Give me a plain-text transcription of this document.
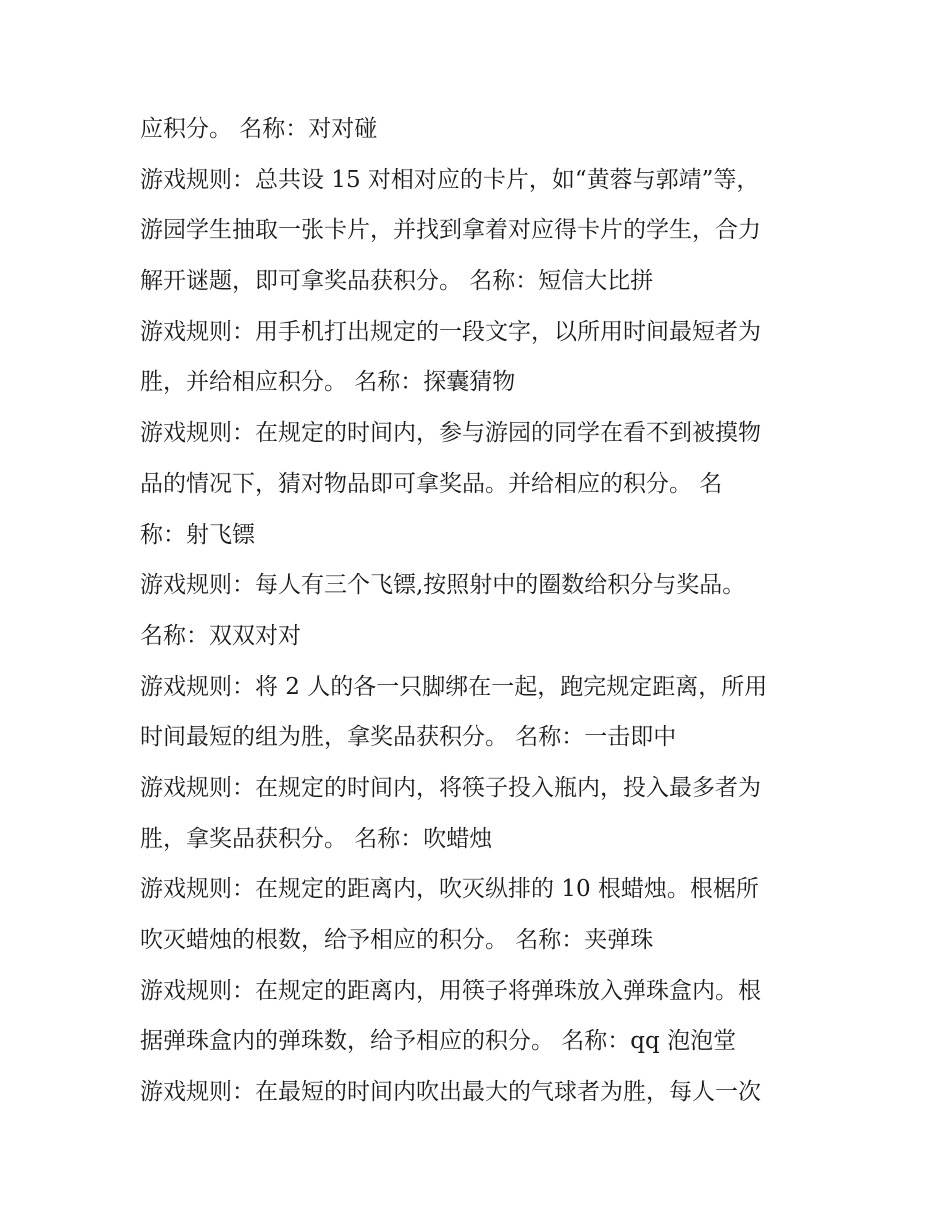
应积分。 名称：对对碰
游戏规则：总共设 15 对相对应的卡片，如“黄蓉与郭靖”等，
游园学生抽取一张卡片，并找到拿着对应得卡片的学生，合力
解开谜题，即可拿奖品获积分。 名称：短信大比拼
游戏规则：用手机打出规定的一段文字，以所用时间最短者为
胜，并给相应积分。 名称：探囊猜物
游戏规则：在规定的时间内，参与游园的同学在看不到被摸物
品的情况下，猜对物品即可拿奖品。并给相应的积分。 名
称：射飞镖
游戏规则：每人有三个飞镖,按照射中的圈数给积分与奖品。
名称：双双对对
游戏规则：将 2 人的各一只脚绑在一起，跑完规定距离，所用
时间最短的组为胜，拿奖品获积分。 名称：一击即中
游戏规则：在规定的时间内，将筷子投入瓶内，投入最多者为
胜，拿奖品获积分。 名称：吹蜡烛
游戏规则：在规定的距离内，吹灭纵排的 10 根蜡烛。根椐所
吹灭蜡烛的根数，给予相应的积分。 名称：夹弹珠
游戏规则：在规定的距离内，用筷子将弹珠放入弹珠盒内。根
据弹珠盒内的弹珠数，给予相应的积分。 名称：qq 泡泡堂
游戏规则：在最短的时间内吹出最大的气球者为胜，每人一次
